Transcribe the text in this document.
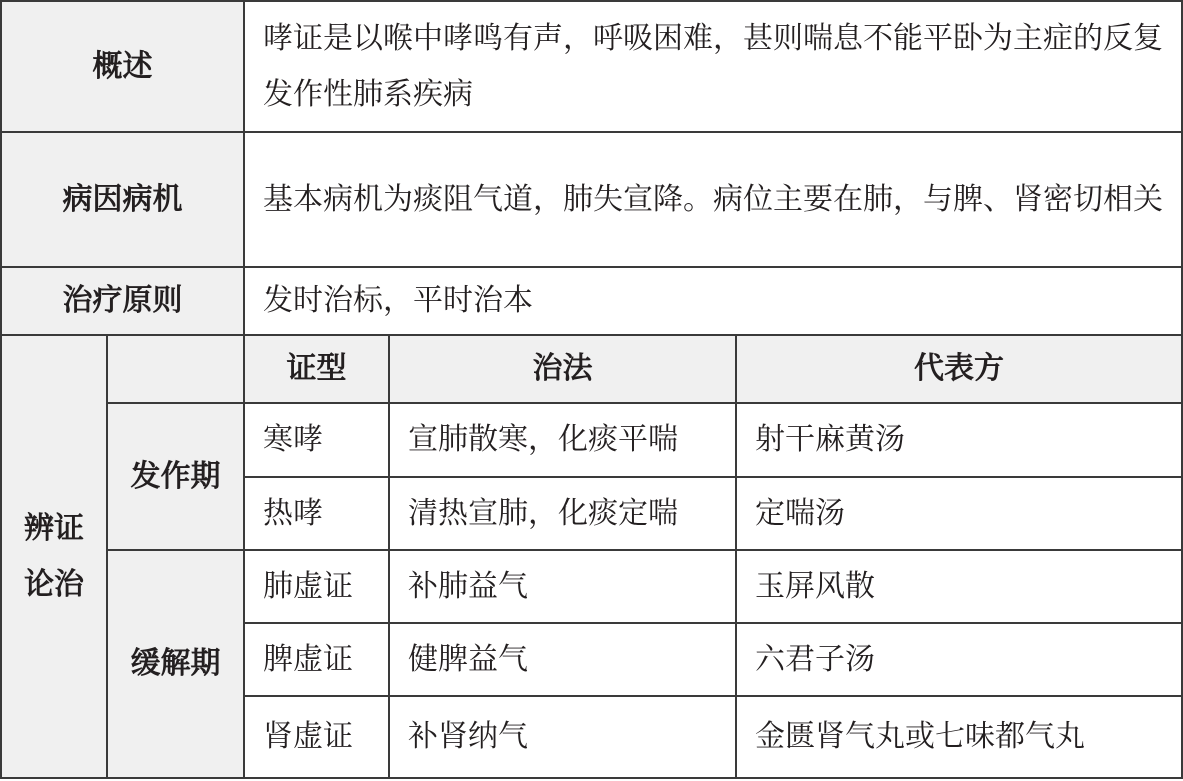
概述		哮证是以喉中哮鸣有声，呼吸困难，甚则喘息不能平卧为主症的反复发作性肺系疾病		
病因病机		基本病机为痰阻气道，肺失宣降。病位主要在肺，与脾、肾密切相关		
治疗原则		发时治标，平时治本		

辨证
论治		证型	治法	代表方
	发作期	寒哮	宣肺散寒，化痰平喘	射干麻黄汤
		热哮	清热宣肺，化痰定喘	定喘汤
	缓解期	肺虚证	补肺益气	玉屏风散
		脾虚证	健脾益气	六君子汤
		肾虚证	补肾纳气	金匮肾气丸或七味都气丸
